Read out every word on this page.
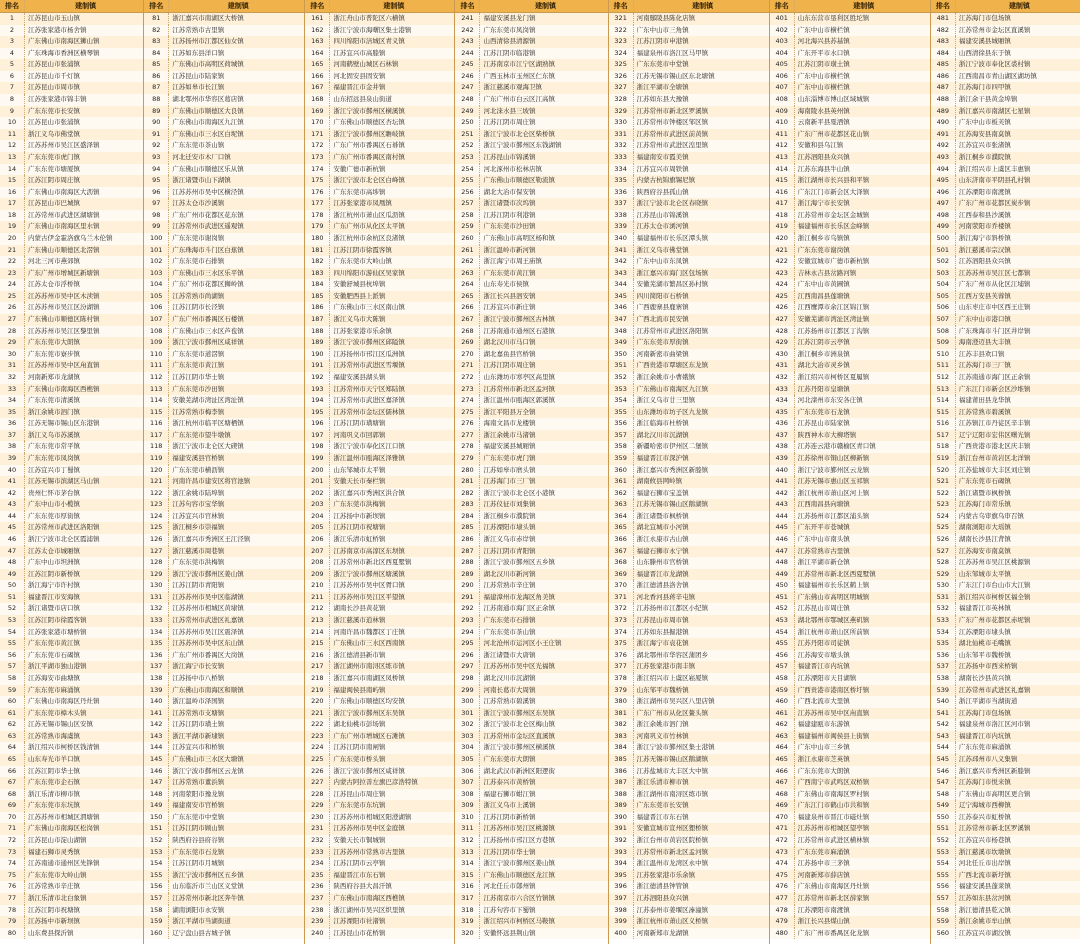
排名	建制镇
1	江苏昆山市玉山镇
2	江苏张家港市杨舍镇
3	广东佛山市南海区狮山镇
4	广东珠海市香洲区横琴镇
5	江苏昆山市张浦镇
6	江苏昆山市千灯镇
7	江苏昆山市周市镇
8	江苏张家港市锦丰镇
9	广东东莞市长安镇
10	江苏昆山市张浦镇
11	浙江义乌市佛堂镇
12	江苏苏州市吴江区盛泽镇
13	广东东莞市虎门镇
14	广东东莞市塘厦镇
15	江苏江阴市周庄镇
16	广东佛山市南海区大沥镇
17	江苏昆山市巴城镇
18	江苏常州市武进区湖塘镇
19	广东佛山市南海区里水镇
20	内蒙古伊金霍洛旗乌兰木伦镇
21	广东佛山市顺德区北滘镇
22	河北三河市燕郊镇
23	广东广州市增城区新塘镇
24	江苏太仓市浮桥镇
25	江苏苏州市吴中区木渎镇
26	江苏苏州市吴江区汾湖镇
27	广东佛山市顺德区陈村镇
28	江苏苏州市吴江区黎里镇
29	广东东莞市大朗镇
30	广东东莞市寮步镇
31	江苏苏州市吴中区甪直镇
32	河南新郑市龙湖镇
33	广东佛山市南海区西樵镇
34	广东东莞市清溪镇
35	浙江余姚市泗门镇
36	江苏无锡市锡山区东港镇
37	浙江义乌市苏溪镇
38	广东东莞市常平镇
39	广东东莞市凤岗镇
40	江苏宜兴市丁蜀镇
41	江苏无锡市滨湖区马山镇
42	贵州仁怀市茅台镇
43	广东中山市小榄镇
44	广东东莞市厚街镇
45	江苏常州市武进区洛阳镇
46	浙江宁波市北仑区霞浦镇
47	江苏太仓市城厢镇
48	广东中山市坦洲镇
49	江苏江阴市新桥镇
50	浙江海宁市许村镇
51	福建晋江市安海镇
52	浙江诸暨市店口镇
53	江苏江阴市徐霞客镇
54	江苏张家港市塘桥镇
55	广东东莞市黄江镇
56	广东东莞市石碣镇
57	浙江平湖市独山港镇
58	江苏海安市曲塘镇
59	广东东莞市麻涌镇
60	广东佛山市南海区丹灶镇
61	广东东莞市樟木头镇
62	江苏无锡市锡山区安镇
63	江苏常熟市海虞镇
64	浙江绍兴市柯桥区钱清镇
65	山东寿光市羊口镇
66	江苏江阴市华士镇
67	广东东莞市企石镇
68	浙江乐清市柳市镇
69	广东东莞市东坑镇
70	江苏苏州市相城区渭塘镇
71	广东佛山市南海区松岗镇
72	江苏昆山市淀山湖镇
73	福建石狮市灵秀镇
74	江苏南通市通州区先锋镇
75	广东东莞市大岭山镇
76	江苏常熟市辛庄镇
77	浙江乐清市北白象镇
78	江苏江阴市祝塘镇
79	江苏扬中市新坝镇
80	山东费县探沂镇
排名	建制镇
81	浙江嘉兴市南湖区大桥镇
82	江苏常熟市古里镇
83	江苏扬州市江都区仙女镇
84	江苏如东县洋口镇
85	广东佛山市高明区荷城镇
86	江苏昆山市陆家镇
87	江苏如皋市长江镇
88	湖北鄂州市华容区葛店镇
89	广东佛山市顺德区大良镇
90	广东佛山市南海区九江镇
91	广东佛山市三水区白坭镇
92	广东东莞市茶山镇
93	河北迁安市木厂口镇
94	广东佛山市顺德区乐从镇
95	浙江诸暨市山下湖镇
96	江苏苏州市吴中区横泾镇
97	江苏太仓市沙溪镇
98	广东广州市花都区花东镇
99	江苏常州市武进区遥观镇
100	广东东莞市谢岗镇
101	广东珠海市斗门区白蕉镇
102	广东东莞市石排镇
103	广东佛山市三水区乐平镇
104	广东广州市花都区狮岭镇
105	江苏常熟市尚湖镇
106	江苏江阴市长泾镇
107	广东广州市番禺区石楼镇
108	广东佛山市三水区芦苞镇
109	浙江宁波市鄞州区咸祥镇
110	广东东莞市道滘镇
111	广东东莞市黄江镇
112	江苏江阴市华士镇
113	广东东莞市沙田镇
114	安徽芜湖市湾沚区湾沚镇
115	江苏常熟市梅李镇
116	浙江杭州市临平区塘栖镇
117	广东东莞市望牛墩镇
118	浙江宁波市北仑区大碶镇
119	福建安溪县官桥镇
120	广东东莞市横沥镇
121	河南许昌市建安区将官池镇
122	浙江余姚市陆埠镇
123	江苏句容市宝华镇
124	江苏宜兴市官林镇
125	浙江桐乡市崇福镇
126	浙江嘉兴市秀洲区王江泾镇
127	浙江慈溪市周巷镇
128	广东东莞市洪梅镇
129	浙江宁波市鄞州区姜山镇
130	江苏江阴市青阳镇
131	江苏苏州市吴中区临湖镇
132	江苏苏州市相城区黄埭镇
133	江苏常州市武进区礼嘉镇
134	江苏苏州市吴江区震泽镇
135	江苏苏州市吴中区东山镇
136	广东广州市番禺区大岗镇
137	浙江海宁市长安镇
138	江苏扬中市八桥镇
139	广东佛山市南海区和顺镇
140	浙江温岭市泽国镇
141	江苏常熟市支塘镇
142	江苏江阴市璜土镇
143	浙江平湖市新埭镇
144	江苏宜兴市和桥镇
145	广东佛山市三水区大塘镇
146	浙江宁波市鄞州区云龙镇
147	江苏常熟市董浜镇
148	河南荥阳市豫龙镇
149	福建南安市官桥镇
150	广东东莞市中堂镇
151	江苏江阴市顾山镇
152	陕西府谷县府谷镇
153	广东东莞市石龙镇
154	江苏江阴市月城镇
155	浙江宁波市鄞州区五乡镇
156	山东临沂市兰山区义堂镇
157	江苏常州市新北区奔牛镇
158	湖南浏阳市永安镇
159	浙江平湖市当湖街道
160	辽宁盘山县古城子镇
排名	建制镇
161	浙江舟山市普陀区六横镇
162	浙江宁波市海曙区集士港镇
163	四川绵阳市涪城区青义镇
164	江苏宜兴市高塍镇
165	河南鹤壁山城区石林镇
166	河北固安县固安镇
167	福建晋江市金井镇
168	山东招远县泉山街道
169	浙江宁波市鄞州区横溪镇
170	广东佛山市顺德区杏坛镇
171	浙江宁波市鄞州区瞻岐镇
172	广东广州市番禺区石碁镇
173	广东广州市番禺区南村镇
174	安徽广德市新杭镇
175	浙江宁波市北仑区白峰镇
176	广东东莞市高埗镇
177	江苏张家港市凤凰镇
178	浙江杭州市萧山区瓜沥镇
179	广东广州市从化区太平镇
180	浙江杭州市余杭区良渚镇
181	江苏江阴市徐霞客镇
182	广东东莞市大岭山镇
183	四川绵阳市游仙区吴家镇
184	安徽舒城县杭埠镇
185	安徽肥西县上派镇
186	广东佛山市三水区南山镇
187	浙江义乌市大陈镇
188	江苏张家港市乐余镇
189	浙江宁波市鄞州区邱隘镇
190	江苏扬州市邗江区瓜洲镇
191	江苏常州市武进区雪堰镇
192	福建安溪县湖头镇
193	江苏常州市天宁区郑陆镇
194	江苏常州市武进区嘉泽镇
195	江苏常州市金坛区儒林镇
196	江苏江阴市璜塘镇
197	河南巩义市回郭镇
198	浙江宁波市奉化区江口镇
199	浙江温州市瓯海区泽雅镇
200	山东邹城市太平镇
201	安徽天长市秦栏镇
202	浙江嘉兴市秀洲区洪合镇
203	广东东莞市洪梅镇
204	江苏扬中市新坝镇
205	江苏江阴市祝塘镇
206	浙江乐清市虹桥镇
207	江苏南京市高淳区东坝镇
208	江苏常州市新北区西夏墅镇
209	浙江宁波市鄞州区塘溪镇
210	江苏苏州市吴中区胥口镇
211	江苏苏州市吴江区平望镇
212	湖南长沙县黄花镇
213	浙江慈溪市逍林镇
214	河南许昌市魏都区丁庄镇
215	广东佛山市三水区西南镇
216	浙江德清县新市镇
217	浙江湖州市南浔区练市镇
218	浙江嘉兴市南湖区凤桥镇
219	福建闽侯县南屿镇
220	广东佛山市顺德区均安镇
221	浙江宁波市鄞州区东吴镇
222	湖北仙桃市彭场镇
223	广东广州市增城区石滩镇
224	江苏江阴市南闸镇
225	广东东莞市桥头镇
226	浙江宁波市鄞州区咸祥镇
227	内蒙古阿拉善左旗巴彦浩特镇
228	江苏昆山市周庄镇
229	广东东莞市东坑镇
230	江苏苏州市相城区阳澄湖镇
231	江苏苏州市吴中区金庭镇
232	安徽天长市铜城镇
233	江苏苏州市常熟市古里镇
234	江苏江阴市云亭镇
235	福建晋江市东石镇
236	陕西府谷县大昌汗镇
237	广东佛山市南海区西樵镇
238	浙江湖州市吴兴区织里镇
239	江苏溧阳市社渚镇
240	江苏昆山市花桥镇
排名	建制镇
241	福建安溪县龙门镇
242	广东东莞市凤岗镇
243	山西清徐县清源镇
244	江苏江阴市临港镇
245	江苏南京市江宁区湖熟镇
246	广西玉林市玉州区仁东镇
247	浙江慈溪市观海卫镇
248	广东广州市白云区江高镇
249	河北涞水县三坡镇
250	江苏江阴市周庄镇
251	浙江宁波市北仑区柴桥镇
252	浙江宁波市鄞州区东钱湖镇
253	江苏昆山市锦溪镇
254	河北涿州市松林店镇
255	广东佛山市顺德区勒流镇
256	湖北大冶市保安镇
257	浙江诸暨市次坞镇
258	江苏江阴市利港镇
259	广东东莞市沙田镇
260	广东佛山市高明区杨和镇
261	浙江温岭市新河镇
262	浙江海宁市周王庙镇
263	广东东莞市黄江镇
264	山东寿光市侯镇
265	浙江长兴县泗安镇
266	江苏宜兴市新庄镇
267	浙江宁波市鄞州区古林镇
268	江苏南通市通州区石港镇
269	湖北汉川市马口镇
270	湖北嘉鱼县官桥镇
271	江苏江阴市周庄镇
272	山东潍坊市寒亭区高里镇
273	江苏常州市新北区孟河镇
274	浙江温州市瓯海区郭溪镇
275	浙江平阳县万全镇
276	海南文昌市龙楼镇
277	浙江余姚市马渚镇
278	福建安溪县城厢镇
279	广东东莞市虎门镇
280	江苏如皋市磨头镇
281	江苏海门市三厂镇
282	浙江宁波市北仑区小港镇
283	江苏仪征市刘集镇
284	浙江桐乡市濮院镇
285	江苏溧阳市埭头镇
286	浙江义乌市赤岸镇
287	江苏江阴市青阳镇
288	浙江宁波市鄞州区五乡镇
289	湖北汉川市新河镇
290	江苏常熟市辛庄镇
291	福建漳州市龙海区角美镇
292	江苏南通市海门区正余镇
293	广东东莞市石排镇
294	广东东莞市茶山镇
295	河北沧州市运河区小王庄镇
296	浙江诸暨市大唐镇
297	江苏苏州市吴中区光福镇
298	湖北汉川市沉湖镇
299	河南长葛市大周镇
300	江苏常熟市碧溪镇
301	浙江宁波市鄞州区东吴镇
302	浙江宁波市北仑区梅山镇
303	江苏常州市金坛区直溪镇
304	浙江宁波市鄞州区横溪镇
305	广东东莞市大朗镇
306	湖北武汉市新洲区阳逻街
307	江苏泰兴市黄桥镇
308	福建石狮市蚶江镇
309	浙江义乌市上溪镇
310	江苏江阴市新桥镇
311	江苏苏州市吴江区桃源镇
312	江苏扬州市邗江区方巷镇
313	江苏江阴市华士镇
314	浙江宁波市鄞州区姜山镇
315	广东佛山市顺德区龙江镇
316	河北任丘市鄚州镇
317	江苏南京市六合区竹镇镇
318	江苏句容市下蜀镇
319	浙江绍兴市柯桥区马鞍镇
320	安徽怀远县荆山镇
排名	建制镇
321	河南鄢陵县陈化店镇
322	广东中山市三角镇
323	江苏江阴市申港镇
324	福建泉州市洛江区马甲镇
325	广东东莞市中堂镇
326	江苏无锡市锡山区东北塘镇
327	浙江平湖市全塘镇
328	江苏如东县大豫镇
329	江苏常州市新北区罗溪镇
330	江苏常州市钟楼区邹区镇
331	江苏常州市武进区前黄镇
332	江苏常州市武进区湟里镇
333	福建南安市霞美镇
334	江苏宜兴市周铁镇
335	内蒙古杭锦旗锡尼镇
336	陕西府谷县孤山镇
337	浙江宁波市北仑区春晓镇
338	江苏昆山市锦溪镇
339	江苏太仓市浏河镇
340	福建福州市长乐区潭头镇
341	浙江义乌市佛堂镇
342	广东中山市东凤镇
343	浙江嘉兴市海门区包场镇
344	安徽芜湖市繁昌区孙村镇
345	四川简阳市石桥镇
346	广西鹿寨县鹿寨镇
347	广西北流市民安镇
348	江苏常州市武进区洛阳镇
349	广东东莞市厚街镇
350	河南新密市曲梁镇
351	广西贵港市覃塘区东龙镇
352	浙江余姚市小曹娥镇
353	广东佛山市南海区九江镇
354	浙江义乌市廿三里镇
355	山东潍坊市坊子区九龙镇
356	浙江临海市杜桥镇
357	湖北汉川市沉湖镇
358	新疆哈密市伊州区二堡镇
359	福建晋江市深沪镇
360	浙江嘉兴市秀洲区新塍镇
361	湖南攸县网岭镇
362	福建石狮市宝盖镇
363	江苏无锡市锡山区鹅湖镇
364	浙江诸暨市枫桥镇
365	湖北宜城市小河镇
366	浙江永康市古山镇
367	福建石狮市永宁镇
368	山东滕州市官桥镇
369	福建晋江市龙湖镇
370	浙江德清县洛舍镇
371	河北香河县蒋辛屯镇
372	江苏扬州市江都区小纪镇
373	江苏昆山市周市镇
374	江苏如东县掘港镇
375	浙江海宁市袁花镇
376	湖北鄂州市华容区蒲团乡
377	江苏张家港市南丰镇
378	浙江绍兴市上虞区崧厦镇
379	山东邹平市魏桥镇
380	浙江湖州市吴兴区八里店镇
381	广东广州市从化区鳌头镇
382	浙江余姚市泗门镇
383	河南巩义市竹林镇
384	浙江宁波市鄞州区集士港镇
385	江苏无锡市锡山区鹅湖镇
386	江苏盐城市大丰区大中镇
387	浙江乐清市柳市镇
388	浙江湖州市南浔区练市镇
389	广东东莞市长安镇
390	福建晋江市东石镇
391	安徽宣城市宣州区狸桥镇
392	浙江台州市黄岩区院桥镇
393	江苏常州市新北区孟河镇
394	浙江温州市龙湾区永中镇
395	江苏张家港市乐余镇
396	浙江德清县钟管镇
397	江苏泗阳县众兴镇
398	江苏泰州市姜堰区溱潼镇
399	浙江杭州市萧山区义桥镇
400	河南新郑市龙湖镇
排名	建制镇
401	山东东营市垦利区胜坨镇
402	广东中山市横栏镇
403	河北海兴县苏基镇
404	广东开平市水口镇
405	江苏江阴市璜土镇
406	广东中山市横栏镇
407	广东中山市横栏镇
408	山东淄博市博山区域城镇
409	海南陵水县英州镇
410	云南新平县戛洒镇
411	广东广州市花都区花山镇
412	安徽和县乌江镇
413	江苏泗阳县众兴镇
414	江苏东海县牛山镇
415	浙江湖州市长兴县和平镇
416	广东江门市新会区大泽镇
417	浙江海宁市长安镇
418	江苏常州市金坛区金城镇
419	福建福州市长乐区金峰镇
420	浙江桐乡市乌镇镇
421	广东东莞市谢岗镇
422	安徽宣城市广德市新杭镇
423	吉林永吉县岔路河镇
424	广东中山市黄圃镇
425	江西南昌县莲塘镇
426	江西鹰潭市余江区锦江镇
427	安徽芜湖市湾沚区湾沚镇
428	江苏扬州市江都区丁沟镇
429	江苏江阴市云亭镇
430	浙江桐乡市洲泉镇
431	湖北大冶市灵乡镇
432	浙江绍兴市柯桥区夏履镇
433	江苏丹阳市皇塘镇
434	河北滦州市东安各庄镇
435	广东东莞市石龙镇
436	江苏昆山市陆家镇
437	陕西神木市大柳塔镇
438	江苏连云港市赣榆区青口镇
439	江苏徐州市铜山区柳新镇
440	浙江宁波市鄞州区云龙镇
441	江苏无锡市惠山区玉祁镇
442	浙江杭州市萧山区河上镇
443	江西南昌县向塘镇
444	江苏扬州市江都区浦头镇
445	广东开平市苍城镇
446	广东中山市南头镇
447	江苏常熟市古里镇
448	浙江平湖市新仓镇
449	江苏常州市新北区西夏墅镇
450	福建福州市长乐区鹤上镇
451	广东佛山市高明区明城镇
452	江苏昆山市周庄镇
453	湖北鄂州市鄂城区燕矶镇
454	浙江杭州市萧山区所前镇
455	江苏丹阳市司徒镇
456	江苏海安市墩头镇
457	福建晋江市内坑镇
458	江苏溧阳市天目湖镇
459	广西贵港市港南区桥圩镇
460	广西北流市大里镇
461	江苏苏州市吴中区甪直镇
462	福建建瓯市东游镇
463	福建福州市闽侯县上街镇
464	广东中山市三乡镇
465	浙江永康市芝英镇
466	广东东莞市大朗镇
467	广西南宁市武鸣区双桥镇
468	广东佛山市南海区罗村镇
469	广东江门市鹤山市共和镇
470	福建泉州市晋江市磁灶镇
471	江苏苏州市相城区望亭镇
472	江苏常州市武进区横林镇
473	广东东莞市麻涌镇
474	江苏扬中市三茅镇
475	河南新郑市薛店镇
476	广东佛山市南海区丹灶镇
477	江苏常州市新北区薛家镇
478	江苏溧阳市南渡镇
479	浙江长兴县煤山镇
480	广东广州市番禺区化龙镇
排名	建制镇
481	江苏海门市包场镇
482	江苏常州市金坛区直溪镇
483	福建安溪县城厢镇
484	山西清徐县东于镇
485	浙江宁波市奉化区裘村镇
486	江西南昌市青山湖区湖坊镇
487	江苏海门市四甲镇
488	浙江余干县黄金埠镇
489	浙江嘉兴市南湖区七星镇
490	广东中山市板芙镇
491	江苏海安县南莫镇
492	江苏宜兴市张渚镇
493	浙江桐乡市濮院镇
494	浙江绍兴市上虞区丰惠镇
495	山东济南市平阴县孔村镇
496	江苏溧阳市南渡镇
497	广东广州市花都区炭步镇
498	江西泰和县沙溪镇
499	河南荥阳市乔楼镇
500	浙江海宁市斜桥镇
501	浙江慈溪市宗汉镇
502	江苏泗阳县众兴镇
503	江苏苏州市吴江区七都镇
504	广东广州市从化区江埔镇
505	江西万安县芙蓉镇
506	山东枣庄市中区西王庄镇
507	广东中山市港口镇
508	广东珠海市斗门区井岸镇
509	海南澄迈县大丰镇
510	江苏丰县欢口镇
511	江苏海门市三厂镇
512	江苏南通市海门区正余镇
513	广东江门市新会区沙堆镇
514	福建莆田县龙华镇
515	江苏常熟市碧溪镇
516	江苏镇江市丹徒区辛丰镇
517	辽宁辽阳市宏伟区曙光镇
518	广西贵港市港北区庆丰镇
519	浙江台州市黄岩区北洋镇
520	江苏盐城市大丰区刘庄镇
521	广东东莞市石碣镇
522	浙江诸暨市枫桥镇
523	江苏海门市常乐镇
524	内蒙古乌审旗乌审召镇
525	湖南浏阳市大瑶镇
526	湖南长沙县江背镇
527	江苏海安市南莫镇
528	江苏苏州市吴江区桃源镇
529	山东邹城市太平镇
530	广东江门市台山市大江镇
531	浙江绍兴市柯桥区福全镇
532	福建晋江市英林镇
533	广东广州市花都区赤坭镇
534	江苏溧阳市埭头镇
535	湖北仙桃市毛嘴镇
536	山东邹平市魏桥镇
537	江苏扬中市西来桥镇
538	湖南长沙县黄兴镇
539	江苏常州市武进区礼嘉镇
540	浙江平湖市当湖街道
541	江苏海门市包场镇
542	福建泉州市洛江区河市镇
543	福建晋江市内坑镇
544	广东东莞市麻涌镇
545	江苏邳州市八义集镇
546	浙江嘉兴市秀洲区新塍镇
547	江苏海门市悦来镇
548	广东佛山市高明区更合镇
549	辽宁海城市西柳镇
550	江苏泰兴市虹桥镇
551	江苏常州市新北区罗溪镇
552	江苏宜兴市杨巷镇
553	浙江慈溪市坎墩镇
554	河北任丘市出岸镇
555	广西北流市新圩镇
556	福建安溪县蓬莱镇
557	江苏如东县岔河镇
558	浙江德清县乾元镇
559	浙江余姚市牟山镇
560	江苏宜兴市湖㳇镇
